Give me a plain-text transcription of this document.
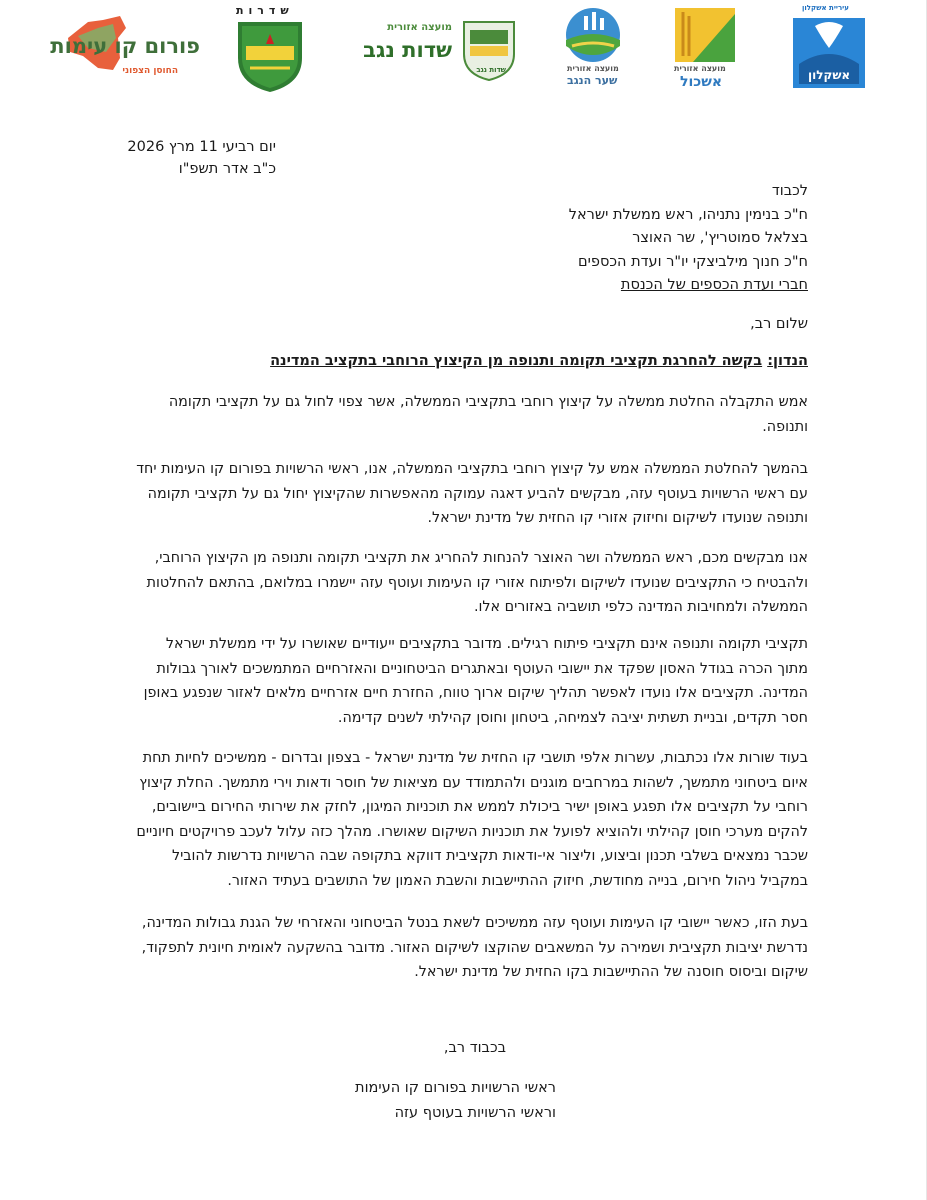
פורום קו עימות
החוסן הצפוני
שדרות
מועצה אזורית
שדות נגב
שדות נגב	מועצה אזורית
שער הנגב
מועצה אזורית
אשכול
עיריית אשקלון
אשקלון
יום רביעי 11 מרץ 2026
כ"ב אדר תשפ"ו
לכבוד
ח"כ בנימין נתניהו, ראש ממשלת ישראל
בצלאל סמוטריץ', שר האוצר
ח"כ חנוך מילביצקי יו"ר ועדת הכספים
חברי ועדת הכספים של הכנסת
שלום רב,
הנדון: בקשה להחרגת תקציבי תקומה ותנופה מן הקיצוץ הרוחבי בתקציב המדינה
אמש התקבלה החלטת ממשלה על קיצוץ רוחבי בתקציבי הממשלה, אשר צפוי לחול גם על תקציבי תקומה
ותנופה.
בהמשך להחלטת הממשלה אמש על קיצוץ רוחבי בתקציבי הממשלה, אנו, ראשי הרשויות בפורום קו העימות יחד
עם ראשי הרשויות בעוטף עזה, מבקשים להביע דאגה עמוקה מהאפשרות שהקיצוץ יחול גם על תקציבי תקומה
ותנופה שנועדו לשיקום וחיזוק אזורי קו החזית של מדינת ישראל.
אנו מבקשים מכם, ראש הממשלה ושר האוצר להנחות להחריג את תקציבי תקומה ותנופה מן הקיצוץ הרוחבי,
ולהבטיח כי התקציבים שנועדו לשיקום ולפיתוח אזורי קו העימות ועוטף עזה יישמרו במלואם, בהתאם להחלטות
הממשלה ולמחויבות המדינה כלפי תושביה באזורים אלו.
תקציבי תקומה ותנופה אינם תקציבי פיתוח רגילים. מדובר בתקציבים ייעודיים שאושרו על ידי ממשלת ישראל
מתוך הכרה בגודל האסון שפקד את יישובי העוטף ובאתגרים הביטחוניים והאזרחיים המתמשכים לאורך גבולות
המדינה. תקציבים אלו נועדו לאפשר תהליך שיקום ארוך טווח, החזרת חיים אזרחיים מלאים לאזור שנפגע באופן
חסר תקדים, ובניית תשתית יציבה לצמיחה, ביטחון וחוסן קהילתי לשנים קדימה.
בעוד שורות אלו נכתבות, עשרות אלפי תושבי קו החזית של מדינת ישראל - בצפון ובדרום - ממשיכים לחיות תחת
איום ביטחוני מתמשך, לשהות במרחבים מוגנים ולהתמודד עם מציאות של חוסר ודאות וירי מתמשך. החלת קיצוץ
רוחבי על תקציבים אלו תפגע באופן ישיר ביכולת לממש את תוכניות המיגון, לחזק את שירותי החירום ביישובים,
להקים מערכי חוסן קהילתי ולהוציא לפועל את תוכניות השיקום שאושרו. מהלך כזה עלול לעכב פרויקטים חיוניים
שכבר נמצאים בשלבי תכנון וביצוע, וליצור אי-ודאות תקציבית דווקא בתקופה שבה הרשויות נדרשות להוביל
במקביל ניהול חירום, בנייה מחודשת, חיזוק ההתיישבות והשבת האמון של התושבים בעתיד האזור.
בעת הזו, כאשר יישובי קו העימות ועוטף עזה ממשיכים לשאת בנטל הביטחוני והאזרחי של הגנת גבולות המדינה,
נדרשת יציבות תקציבית ושמירה על המשאבים שהוקצו לשיקום האזור. מדובר בהשקעה לאומית חיונית לתפקוד,
שיקום וביסוס חוסנה של ההתיישבות בקו החזית של מדינת ישראל.
בכבוד רב,
ראשי הרשויות בפורום קו העימות
וראשי הרשויות בעוטף עזה
